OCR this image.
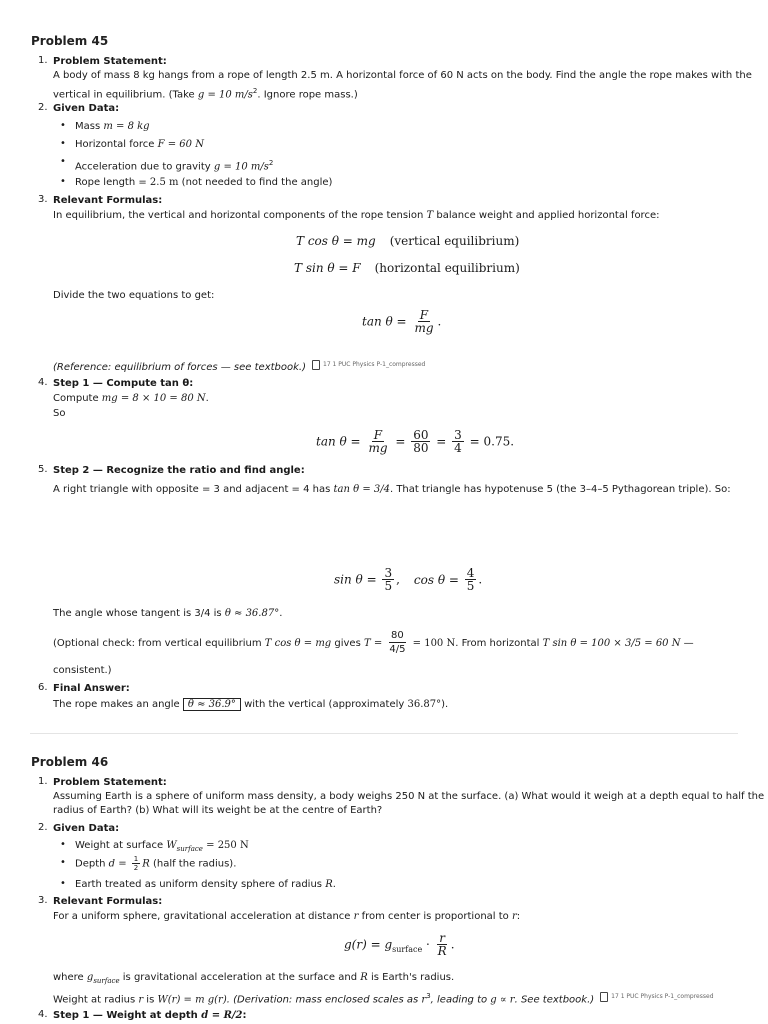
Problem 45
1. Problem Statement:
A body of mass 8 kg hangs from a rope of length 2.5 m. A horizontal force of 60 N acts on the body. Find the angle the rope makes with the
vertical in equilibrium. (Take g = 10 $m/s^2$. Ignore rope mass.)
2. Given Data:
• Mass m = 8 kg
• Horizontal force F = 60 N
• Acceleration due to gravity g = 10 $m/s^2$
• Rope length = 2.5 m (not needed to find the angle)
3. Relevant Formulas:
In equilibrium, the vertical and horizontal components of the rope tension T balance weight and applied horizontal force:
T cos θ = mg (vertical equilibrium)
T sin θ = F (horizontal equilibrium)
Divide the two equations to get:
$\tan \theta = \frac{F}{mg}$ .
(Reference: equilibrium of forces — see textbook.)	17 1 PUC Physics P-1_compressed
4. Step 1 — Compute tan θ:
Compute mg = 8 × 10 = 80 N.
So
$\tan \theta = \frac{F}{mg} = \frac{60}{80} = \frac{3}{4} = 0.75$.
5. Step 2 — Recognize the ratio and find angle:
A right triangle with opposite = 3 and adjacent = 4 has tan θ = 3/4. That triangle has hypotenuse 5 (the 3–4–5 Pythagorean triple). So:
$\sin \theta = \frac{3}{5}$ , $\cos \theta = \frac{4}{5}$ .
The angle whose tangent is 3/4 is θ ≈ 36.87°.
(Optional check: from vertical equilibrium T cos θ = mg gives $T = \frac{80}{4/5} = 100$ N. From horizontal T sin θ = 100 × 3/5 = 60 N —
consistent.)
6. Final Answer:
The rope makes an angle θ ≈ 36.9° with the vertical (approximately 36.87°).
Problem 46
1. Problem Statement:
Assuming Earth is a sphere of uniform mass density, a body weighs 250 N at the surface. (a) What would it weigh at a depth equal to half the
radius of Earth? (b) What will its weight be at the centre of Earth?
2. Given Data:
• Weight at surface $W_{surface} = 250$ N
• Depth $d = \frac{1}{2}$ R (half the radius).
• Earth treated as uniform density sphere of radius R.
3. Relevant Formulas:
For a uniform sphere, gravitational acceleration at distance r from center is proportional to r:
$g(r) = g_{surface} \cdot \frac{r}{R}$ .
where $g_{surface}$ is gravitational acceleration at the surface and R is Earth's radius.
Weight at radius r is W(r) = m g(r). (Derivation: mass enclosed scales as $r^3$, leading to g ∝ r. See textbook.)	17 1 PUC Physics P-1_compressed
4. Step 1 — Weight at depth d = R/2:
